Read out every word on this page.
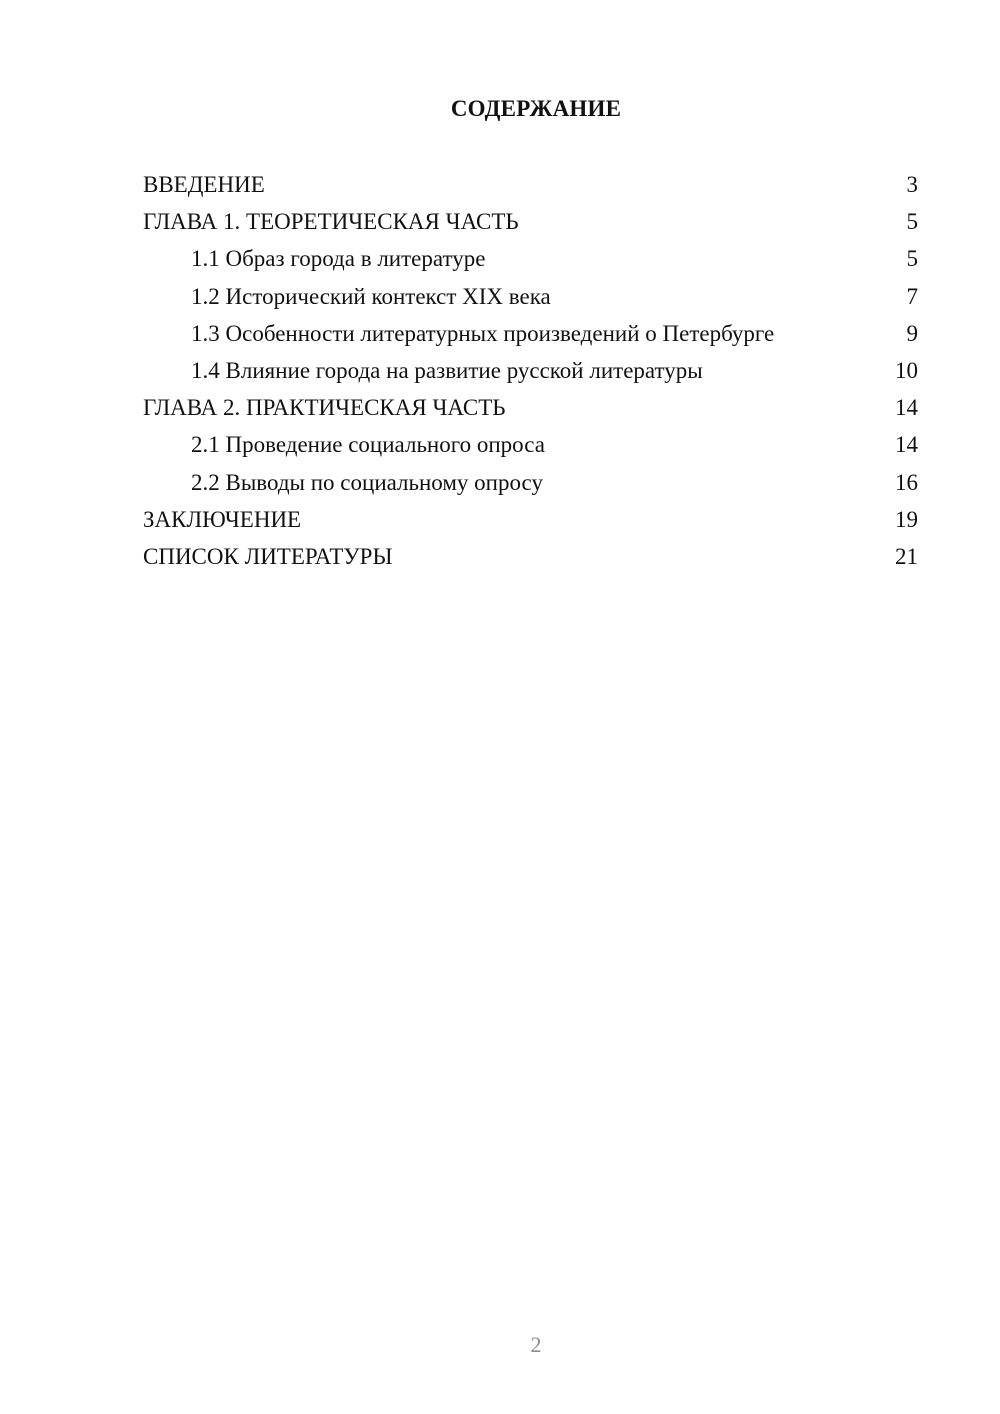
СОДЕРЖАНИЕ
ВВЕДЕНИЕ	3
ГЛАВА 1. ТЕОРЕТИЧЕСКАЯ ЧАСТЬ	5
1.1 Образ города в литературе	5
1.2 Исторический контекст XIX века	7
1.3 Особенности литературных произведений о Петербурге	9
1.4 Влияние города на развитие русской литературы	10
ГЛАВА 2. ПРАКТИЧЕСКАЯ ЧАСТЬ	14
2.1 Проведение социального опроса	14
2.2 Выводы по социальному опросу	16
ЗАКЛЮЧЕНИЕ	19
СПИСОК ЛИТЕРАТУРЫ	21
2
